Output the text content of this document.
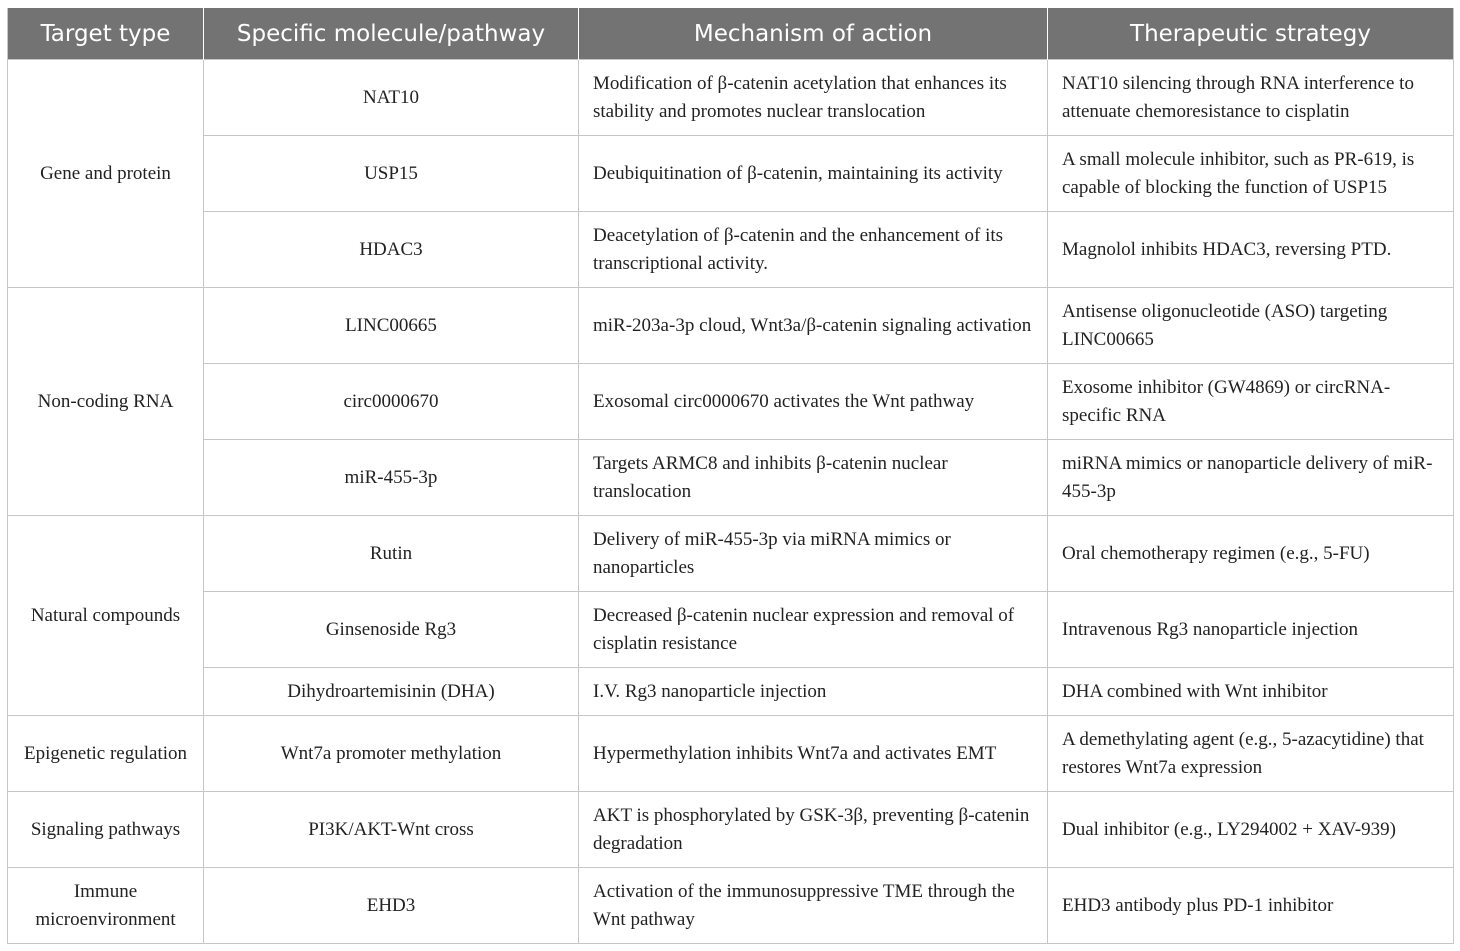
Target type	Specific molecule/pathway	Mechanism of action	Therapeutic strategy
Gene and protein	NAT10	Modification of β-catenin acetylation that enhances its stability and promotes nuclear translocation	NAT10 silencing through RNA interference to attenuate chemoresistance to cisplatin
	USP15	Deubiquitination of β-catenin, maintaining its activity	A small molecule inhibitor, such as PR-619, is capable of blocking the function of USP15
	HDAC3	Deacetylation of β-catenin and the enhancement of its transcriptional activity.	Magnolol inhibits HDAC3, reversing PTD.
Non-coding RNA	LINC00665	miR-203a-3p cloud, Wnt3a/β-catenin signaling activation	Antisense oligonucleotide (ASO) targeting LINC00665
	circ0000670	Exosomal circ0000670 activates the Wnt pathway	Exosome inhibitor (GW4869) or circRNA-specific RNA
	miR-455-3p	Targets ARMC8 and inhibits β-catenin nuclear translocation	miRNA mimics or nanoparticle delivery of miR-455-3p
Natural compounds	Rutin	Delivery of miR-455-3p via miRNA mimics or nanoparticles	Oral chemotherapy regimen (e.g., 5-FU)
	Ginsenoside Rg3	Decreased β-catenin nuclear expression and removal of cisplatin resistance	Intravenous Rg3 nanoparticle injection
	Dihydroartemisinin (DHA)	I.V. Rg3 nanoparticle injection	DHA combined with Wnt inhibitor
Epigenetic regulation	Wnt7a promoter methylation	Hypermethylation inhibits Wnt7a and activates EMT	A demethylating agent (e.g., 5-azacytidine) that restores Wnt7a expression
Signaling pathways	PI3K/AKT-Wnt cross	AKT is phosphorylated by GSK-3β, preventing β-catenin degradation	Dual inhibitor (e.g., LY294002 + XAV-939)
Immune microenvironment	EHD3	Activation of the immunosuppressive TME through the Wnt pathway	EHD3 antibody plus PD-1 inhibitor
